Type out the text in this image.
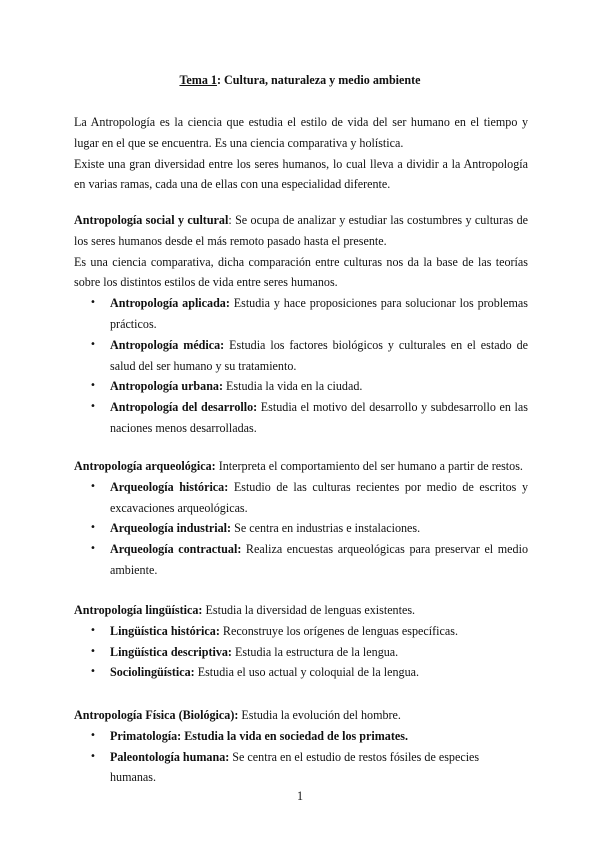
Tema 1: Cultura, naturaleza y medio ambiente

La Antropología es la ciencia que estudia el estilo de vida del ser humano en el tiempo y lugar en el que se encuentra. Es una ciencia comparativa y holística.

Existe una gran diversidad entre los seres humanos, lo cual lleva a dividir a la Antropología en varias ramas, cada una de ellas con una especialidad diferente.

Antropología social y cultural: Se ocupa de analizar y estudiar las costumbres y culturas de los seres humanos desde el más remoto pasado hasta el presente.

Es una ciencia comparativa, dicha comparación entre culturas nos da la base de las teorías sobre los distintos estilos de vida entre seres humanos.

• Antropología aplicada: Estudia y hace proposiciones para solucionar los problemas prácticos.
• Antropología médica: Estudia los factores biológicos y culturales en el estado de salud del ser humano y su tratamiento.
• Antropología urbana: Estudia la vida en la ciudad.
• Antropología del desarrollo: Estudia el motivo del desarrollo y subdesarrollo en las naciones menos desarrolladas.

Antropología arqueológica: Interpreta el comportamiento del ser humano a partir de restos.

• Arqueología histórica: Estudio de las culturas recientes por medio de escritos y excavaciones arqueológicas.
• Arqueología industrial: Se centra en industrias e instalaciones.
• Arqueología contractual: Realiza encuestas arqueológicas para preservar el medio ambiente.

Antropología lingüística: Estudia la diversidad de lenguas existentes.

• Lingüística histórica: Reconstruye los orígenes de lenguas específicas.
• Lingüística descriptiva: Estudia la estructura de la lengua.
• Sociolingüística: Estudia el uso actual y coloquial de la lengua.

Antropología Física (Biológica): Estudia la evolución del hombre.

• Primatología: Estudia la vida en sociedad de los primates.
• Paleontología humana: Se centra en el estudio de restos fósiles de especies humanas.
1
